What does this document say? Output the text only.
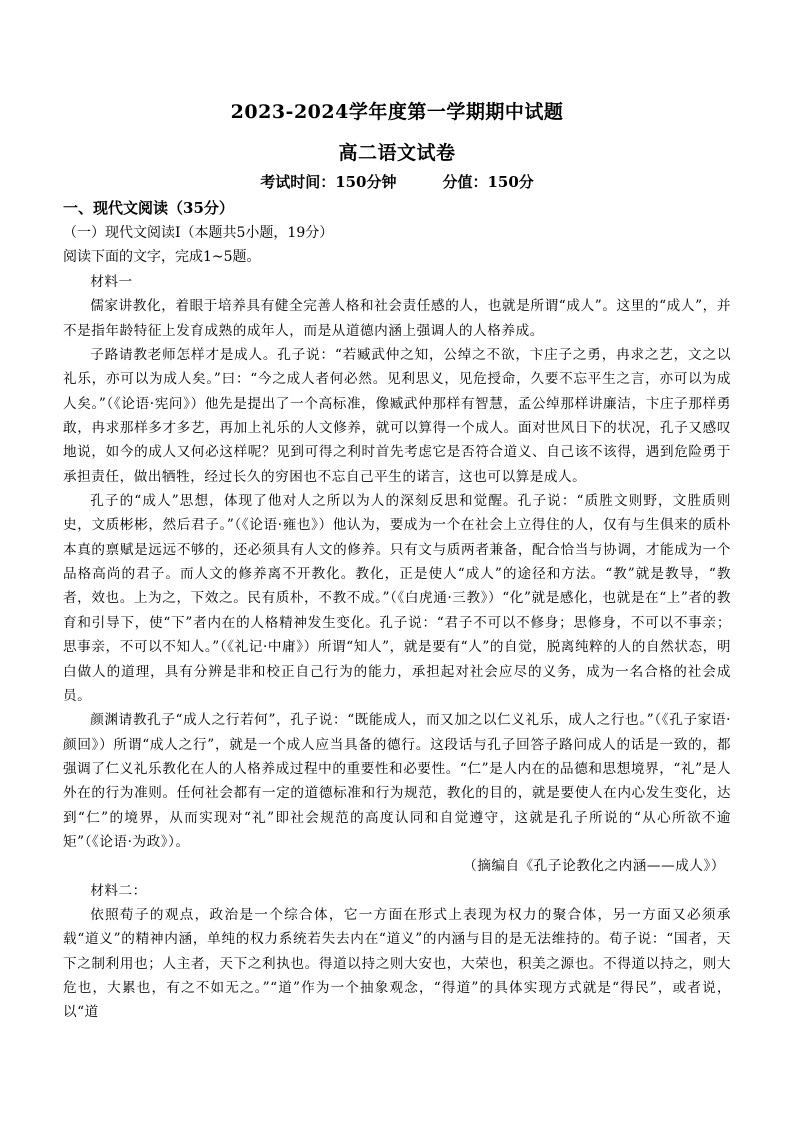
2023-2024学年度第一学期期中试题
高二语文试卷
考试时间：150分钟	分值：150分
一、现代文阅读（35分）
（一）现代文阅读Ⅰ（本题共5小题，19分）
阅读下面的文字，完成1~5题。

材料一

儒家讲教化，着眼于培养具有健全完善人格和社会责任感的人，也就是所谓“成人”。这里的“成人”，并不是指年龄特征上发育成熟的成年人，而是从道德内涵上强调人的人格养成。

子路请教老师怎样才是成人。孔子说：“若臧武仲之知，公绰之不欲，卞庄子之勇，冉求之艺，文之以礼乐，亦可以为成人矣。”曰：“今之成人者何必然。见利思义，见危授命，久要不忘平生之言，亦可以为成人矣。”（《论语·宪问》）他先是提出了一个高标准，像臧武仲那样有智慧，孟公绰那样讲廉洁，卞庄子那样勇敢，冉求那样多才多艺，再加上礼乐的人文修养，就可以算得一个成人。面对世风日下的状况，孔子又感叹地说，如今的成人又何必这样呢？见到可得之利时首先考虑它是否符合道义、自己该不该得，遇到危险勇于承担责任，做出牺牲，经过长久的穷困也不忘自己平生的诺言，这也可以算是成人。

孔子的“成人”思想，体现了他对人之所以为人的深刻反思和觉醒。孔子说：“质胜文则野，文胜质则史，文质彬彬，然后君子。”（《论语·雍也》）他认为，要成为一个在社会上立得住的人，仅有与生俱来的质朴本真的禀赋是远远不够的，还必须具有人文的修养。只有文与质两者兼备，配合恰当与协调，才能成为一个品格高尚的君子。而人文的修养离不开教化。教化，正是使人“成人”的途径和方法。“教”就是教导，“教者，效也。上为之，下效之。民有质朴，不教不成。”（《白虎通·三教》）“化”就是感化，也就是在“上”者的教育和引导下，使“下”者内在的人格精神发生变化。孔子说：“君子不可以不修身；思修身，不可以不事亲；思事亲，不可以不知人。”（《礼记·中庸》）所谓“知人”，就是要有“人”的自觉，脱离纯粹的人的自然状态，明白做人的道理，具有分辨是非和校正自己行为的能力，承担起对社会应尽的义务，成为一名合格的社会成员。

颜渊请教孔子“成人之行若何”，孔子说：“既能成人，而又加之以仁义礼乐，成人之行也。”（《孔子家语·颜回》）所谓“成人之行”，就是一个成人应当具备的德行。这段话与孔子回答子路问成人的话是一致的，都强调了仁义礼乐教化在人的人格养成过程中的重要性和必要性。“仁”是人内在的品德和思想境界，“礼”是人外在的行为准则。任何社会都有一定的道德标准和行为规范，教化的目的，就是要使人在内心发生变化，达到“仁”的境界，从而实现对“礼”即社会规范的高度认同和自觉遵守，这就是孔子所说的“从心所欲不逾矩”（《论语·为政》）。

（摘编自《孔子论教化之内涵——成人》）

材料二：

依照荀子的观点，政治是一个综合体，它一方面在形式上表现为权力的聚合体，另一方面又必须承载“道义”的精神内涵，单纯的权力系统若失去内在“道义”的内涵与目的是无法维持的。荀子说：“国者，天下之制利用也；人主者，天下之利执也。得道以持之则大安也，大荣也，积美之源也。不得道以持之，则大危也，大累也，有之不如无之。”“道”作为一个抽象观念，“得道”的具体实现方式就是“得民”，或者说，以“道
